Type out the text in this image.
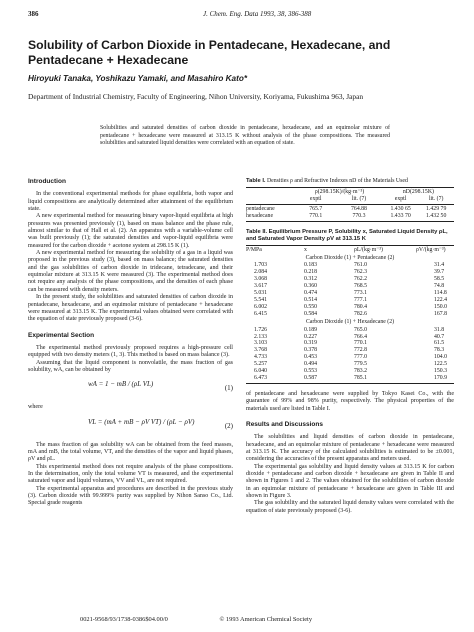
386	J. Chem. Eng. Data 1993, 38, 386-388
Solubility of Carbon Dioxide in Pentadecane, Hexadecane, and Pentadecane + Hexadecane
Hiroyuki Tanaka, Yoshikazu Yamaki, and Masahiro Kato*
Department of Industrial Chemistry, Faculty of Engineering, Nihon University, Koriyama, Fukushima 963, Japan
Solubilities and saturated densities of carbon dioxide in pentadecane, hexadecane, and an equimolar mixture of pentadecane + hexadecane were measured at 313.15 K without analysis of the phase compositions. The measured solubilities and saturated liquid densities were correlated with an equation of state.
Introduction

In the conventional experimental methods for phase equilibria, both vapor and liquid compositions are analytically determined after attainment of the equilibrium state.

A new experimental method for measuring binary vapor-liquid equilibria at high pressures was presented previously (1), based on mass balance and the phase rule, almost similar to that of Hall et al. (2). An apparatus with a variable-volume cell was built previously (1); the saturated densities and vapor-liquid equilibria were measured for the carbon dioxide + acetone system at 298.15 K (1).

A new experimental method for measuring the solubility of a gas in a liquid was proposed in the previous study (3), based on mass balance; the saturated densities and the gas solubilities of carbon dioxide in tridecane, tetradecane, and their equimolar mixture at 313.15 K were measured (3). The experimental method does not require any analysis of the phase compositions, and the densities of each phase can be measured with density meters.

In the present study, the solubilities and saturated densities of carbon dioxide in pentadecane, hexadecane, and an equimolar mixture of pentadecane + hexadecane were measured at 313.15 K. The experimental values obtained were correlated with the equation of state previously proposed (3-6).

Experimental Section

The experimental method previously proposed requires a high-pressure cell equipped with two density meters (1, 3). This method is based on mass balance (3).

Assuming that the liquid component is nonvolatile, the mass fraction of gas solubility, wA, can be obtained by

wA = 1 − mB / (ρL VL)	(1)

where

VL = (mA + mB − ρV VT) / (ρL − ρV)	(2)

The mass fraction of gas solubility wA can be obtained from the feed masses, mA and mB, the total volume, VT, and the densities of the vapor and liquid phases, ρV and ρL.

This experimental method does not require analysis of the phase compositions. In the determination, only the total volume VT is measured, and the experimental saturated vapor and liquid volumes, VV and VL, are not required.

The experimental apparatus and procedures are described in the previous study (3). Carbon dioxide with 99.999% purity was supplied by Nihon Sanso Co., Ltd. Special grade reagents

Table I. Densities ρ and Refractive Indexes nD of the Materials Used
	ρ(298.15K)/(kg·m⁻³)		nD(298.15K)	
	exptl	lit. (7)	exptl	lit. (7)

pentadecane	765.7	764.88	1.430 65	1.429 79
hexadecane	770.1	770.3	1.433 70	1.432 50
Table II. Equilibrium Pressure P, Solubility x, Saturated Liquid Density ρL, and Saturated Vapor Density ρV at 313.15 K
P/MPa	x	ρL/(kg·m⁻³)	ρV/(kg·m⁻³)
Carbon Dioxide (1) + Pentadecane (2)			
1.703	0.183	761.0	31.4
2.084	0.218	762.3	39.7
3.068	0.312	762.2	58.5
3.617	0.360	768.5	74.8
5.031	0.474	773.1	114.8
5.541	0.514	777.1	122.4
6.002	0.550	780.4	150.0
6.415	0.584	782.6	167.8
Carbon Dioxide (1) + Hexadecane (2)			
1.726	0.189	765.0	31.8
2.133	0.227	766.4	40.7
3.103	0.319	770.1	61.5
3.768	0.378	772.8	78.3
4.733	0.453	777.0	104.0
5.257	0.494	779.5	122.5
6.040	0.553	783.2	150.3
6.473	0.587	785.1	170.9

of pentadecane and hexadecane were supplied by Tokyo Kasei Co., with the guarantee of 99% and 98% purity, respectively. The physical properties of the materials used are listed in Table I.

Results and Discussions

The solubilities and liquid densities of carbon dioxide in pentadecane, hexadecane, and an equimolar mixture of pentadecane + hexadecane were measured at 313.15 K. The accuracy of the calculated solubilities is estimated to be ±0.001, considering the accuracies of the present apparatus and meters used.

The experimental gas solubility and liquid density values at 313.15 K for carbon dioxide + pentadecane and carbon dioxide + hexadecane are given in Table II and shown in Figures 1 and 2. The values obtained for the solubilities of carbon dioxide in an equimolar mixture of pentadecane + hexadecane are given in Table III and shown in Figure 3.

The gas solubility and the saturated liquid density values were correlated with the equation of state previously proposed (3-6).

0021-9568/93/1738-0386$04.00/0	© 1993 American Chemical Society
